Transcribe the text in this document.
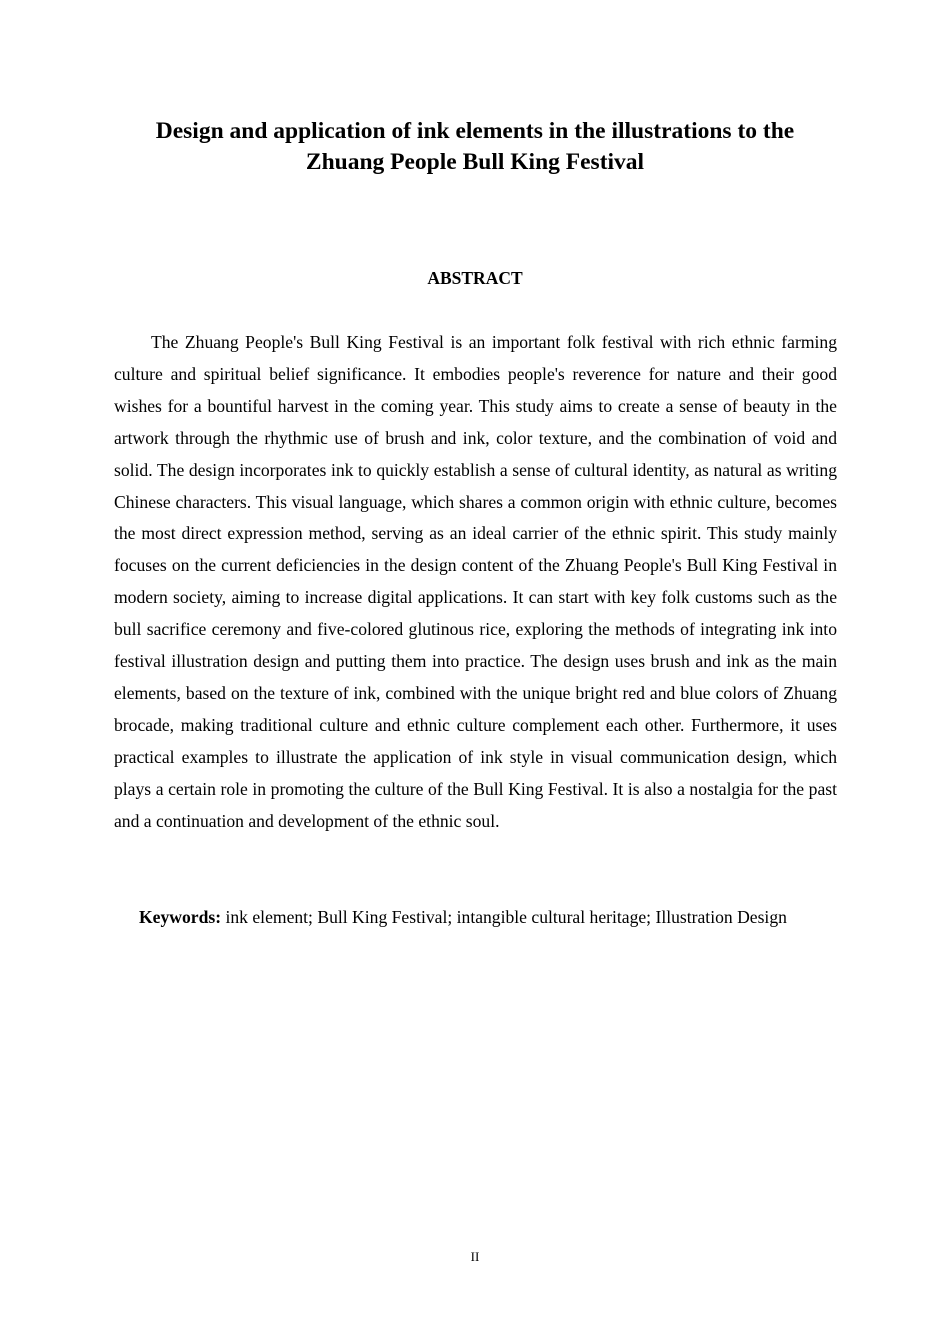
Design and application of ink elements in the illustrations to the
Zhuang People Bull King Festival
ABSTRACT

The Zhuang People's Bull King Festival is an important folk festival with rich ethnic farming culture and spiritual belief significance. It embodies people's reverence for nature and their good wishes for a bountiful harvest in the coming year. This study aims to create a sense of beauty in the artwork through the rhythmic use of brush and ink, color texture, and the combination of void and solid. The design incorporates ink to quickly establish a sense of cultural identity, as natural as writing Chinese characters. This visual language, which shares a common origin with ethnic culture, becomes the most direct expression method, serving as an ideal carrier of the ethnic spirit. This study mainly focuses on the current deficiencies in the design content of the Zhuang People's Bull King Festival in modern society, aiming to increase digital applications. It can start with key folk customs such as the bull sacrifice ceremony and five-colored glutinous rice, exploring the methods of integrating ink into festival illustration design and putting them into practice. The design uses brush and ink as the main elements, based on the texture of ink, combined with the unique bright red and blue colors of Zhuang brocade, making traditional culture and ethnic culture complement each other. Furthermore, it uses practical examples to illustrate the application of ink style in visual communication design, which plays a certain role in promoting the culture of the Bull King Festival. It is also a nostalgia for the past and a continuation and development of the ethnic soul.

Keywords: ink element; Bull King Festival; intangible cultural heritage; Illustration Design

II
